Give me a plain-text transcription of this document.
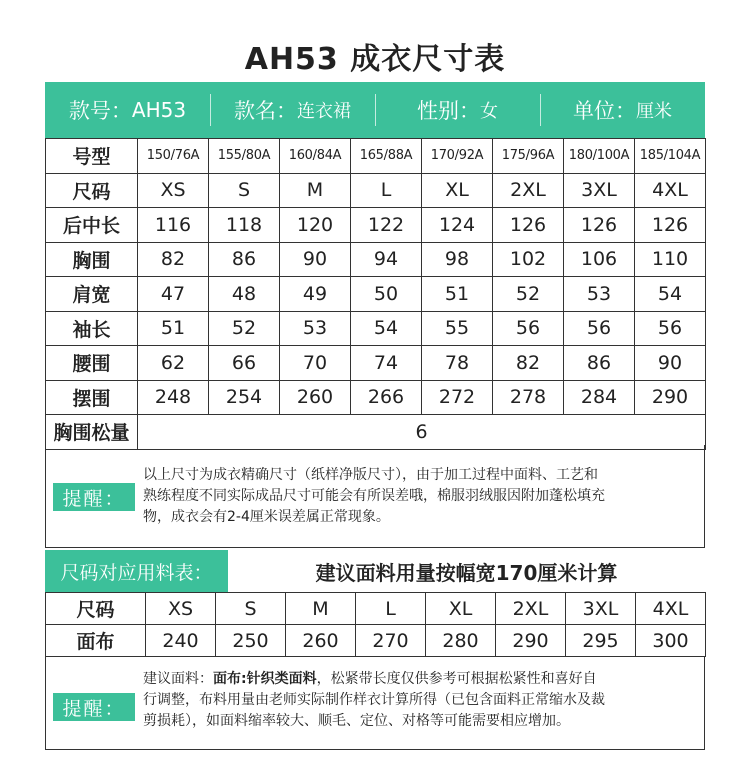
AH53 成衣尺寸表
款号： AH53 款名： 连衣裙	性别： 女	单位： 厘米
号型	150/76A	155/80A	160/84A	165/88A	170/92A	175/96A	180/100A	185/104A
尺码	XS	S	M	L	XL	2XL	3XL	4XL
后中长	116	118	120	122	124	126	126	126
胸围	82	86	90	94	98	102	106	110
肩宽	47	48	49	50	51	52	53	54
袖长	51	52	53	54	55	56	56	56
腰围	62	66	70	74	78	82	86	90
摆围	248	254	260	266	272	278	284	290
胸围松量	6							
提醒：
以上尺寸为成衣精确尺寸（纸样净版尺寸），由于加工过程中面料、工艺和
熟练程度不同实际成品尺寸可能会有所误差哦，棉服羽绒服因附加蓬松填充
物，成衣会有2-4厘米误差属正常现象。
尺码对应用料表：	建议面料用量按幅宽170厘米计算
尺码	XS	S	M	L	XL	2XL	3XL	4XL
面布	240	250	260	270	280	290	295	300
提醒：
建议面料：面布:针织类面料，松紧带长度仅供参考可根据松紧性和喜好自
行调整，布料用量由老师实际制作样衣计算所得（已包含面料正常缩水及裁
剪损耗），如面料缩率较大、顺毛、定位、对格等可能需要相应增加。
